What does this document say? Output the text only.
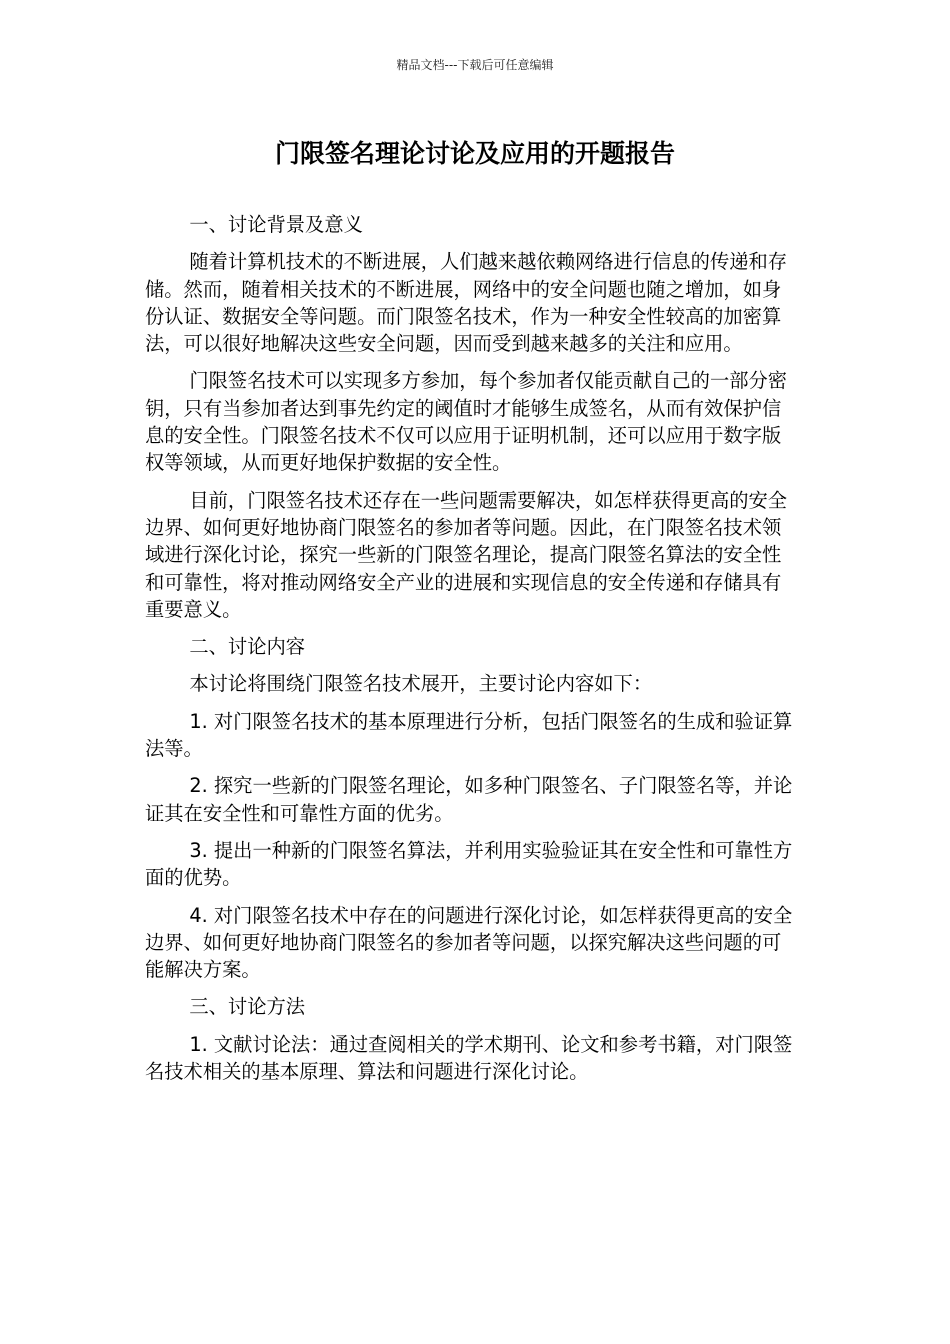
精品文档---下载后可任意编辑
门限签名理论讨论及应用的开题报告

一、讨论背景及意义

随着计算机技术的不断进展，人们越来越依赖网络进行信息的传递和存储。然而，随着相关技术的不断进展，网络中的安全问题也随之增加，如身份认证、数据安全等问题。而门限签名技术，作为一种安全性较高的加密算法，可以很好地解决这些安全问题，因而受到越来越多的关注和应用。

门限签名技术可以实现多方参加，每个参加者仅能贡献自己的一部分密钥，只有当参加者达到事先约定的阈值时才能够生成签名，从而有效保护信息的安全性。门限签名技术不仅可以应用于证明机制，还可以应用于数字版权等领域，从而更好地保护数据的安全性。

目前，门限签名技术还存在一些问题需要解决，如怎样获得更高的安全边界、如何更好地协商门限签名的参加者等问题。因此，在门限签名技术领域进行深化讨论，探究一些新的门限签名理论，提高门限签名算法的安全性和可靠性，将对推动网络安全产业的进展和实现信息的安全传递和存储具有重要意义。

二、讨论内容

本讨论将围绕门限签名技术展开，主要讨论内容如下：

1. 对门限签名技术的基本原理进行分析，包括门限签名的生成和验证算法等。

2. 探究一些新的门限签名理论，如多种门限签名、子门限签名等，并论证其在安全性和可靠性方面的优劣。

3. 提出一种新的门限签名算法，并利用实验验证其在安全性和可靠性方面的优势。

4. 对门限签名技术中存在的问题进行深化讨论，如怎样获得更高的安全边界、如何更好地协商门限签名的参加者等问题，以探究解决这些问题的可能解决方案。

三、讨论方法

1. 文献讨论法：通过查阅相关的学术期刊、论文和参考书籍，对门限签名技术相关的基本原理、算法和问题进行深化讨论。
